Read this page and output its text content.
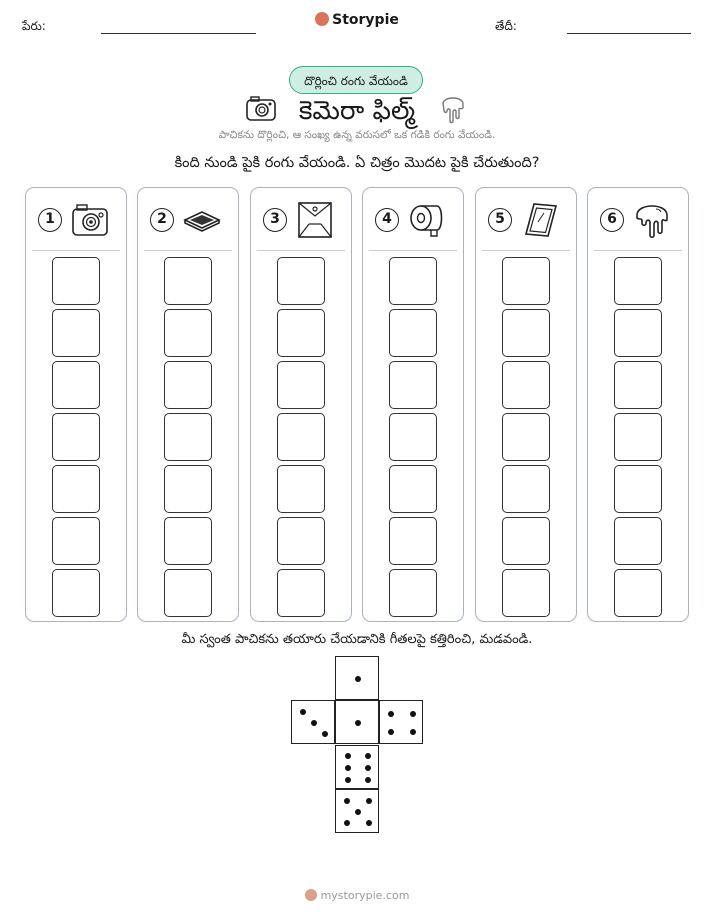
పేరు:	Storypie	తేదీ:
దొర్లించి రంగు వేయండి
కెమెరా ఫిల్మ్
పాచికను దొర్లించి, ఆ సంఖ్య ఉన్న వరుసలో ఒక గడికి రంగు వేయండి.
కింది నుండి పైకి రంగు వేయండి. ఏ చిత్రం మొదట పైకి చేరుతుంది?
1	2	3	4	5	6
మీ స్వంత పాచికను తయారు చేయడానికి గీతలపై కత్తిరించి, మడవండి.
mystorypie.com
